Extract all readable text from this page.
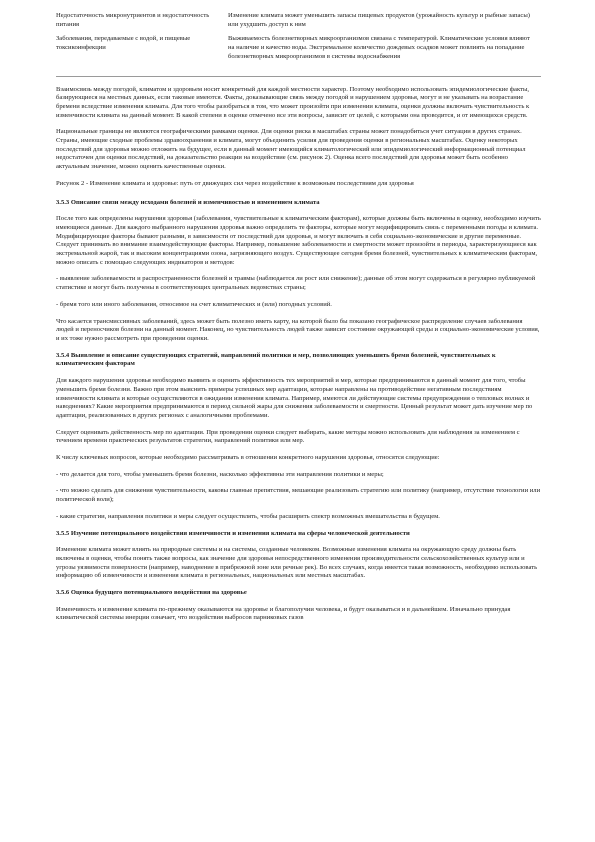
Недостаточность микронутриентов и недостаточность питания	Изменение климата может уменьшить запасы пищевых продуктов (урожайность культур и рыбные запасы) или ухудшить доступ к ним
Заболевания, передаваемые с водой, и пищевые токсикоинфекции	Выживаемость болезнетворных микроорганизмов связана с температурой. Климатические условия влияют на наличие и качество воды. Экстремальное количество дождевых осадков может повлиять на попадание болезнетворных микроорганизмов в системы водоснабжения

Взаимосвязь между погодой, климатом и здоровьем носит конкретный для каждой местности характер. Поэтому необходимо использовать эпидемиологические факты, базирующиеся на местных данных, если таковые имеются. Факты, доказывающие связь между погодой и нарушением здоровья, могут и не указывать на возрастание бремени вследствие изменения климата. Для того чтобы разобраться в том, что может произойти при изменении климата, оценки должны включать чувствительность к изменчивости климата на данный момент. В какой степени в оценке отмечено все эти вопросы, зависит от целей, с которыми она проводится, и от имеющихся средств.

Национальные границы не являются географическими рамками оценки. Для оценки риска в масштабах страны может понадобиться учет ситуации в других странах. Страны, имеющие сходные проблемы здравоохранения и климата, могут объединить усилия для проведения оценки в региональных масштабах. Оценку некоторых последствий для здоровья можно отложить на будущее, если в данный момент имеющийся климатологический или эпидемиологический информационный потенциал недостаточен для оценки последствий, на доказательство реакции на воздействие (см. рисунок 2). Оценка всего последствий для здоровья может быть особенно актуальным значение, можно оценить качественные оценки.

Рисунок 2 - Изменение климата и здоровье: путь от движущих сил через воздействие к возможным последствиям для здоровья

3.5.3 Описание связи между исходами болезней и изменчивостью и изменением климата

После того как определены нарушения здоровья (заболевания, чувствительные к климатическим факторам), которые должны быть включены в оценку, необходимо изучить имеющиеся данные. Для каждого выбранного нарушения здоровья важно определить те факторы, которые могут модифицировать связь с переменными погоды и климата. Модифицирующие факторы бывают разными, в зависимости от последствий для здоровья, и могут включать в себя социально-экономические и другие переменные. Следует принимать во внимание взаимодействующие факторы. Например, повышение заболеваемости и смертности может произойти в периоды, характеризующиеся как экстремальной жарой, так и высоким концентрациями озона, загрязняющего воздух. Существующее сегодня бремя болезней, чувствительных к климатическим факторам, можно описать с помощью следующих индикаторов и методов:

- выявление заболеваемости и распространенности болезней и травмы (наблюдается ли рост или снижение); данные об этом могут содержаться в регулярно публикуемой статистике и могут быть получены в соответствующих центральных ведомствах страны;

- бремя того или иного заболевания, относимое на счет климатических и (или) погодных условий.

Что касается трансмиссивных заболеваний, здесь может быть полезно иметь карту, на которой было бы показано географическое распределение случаев заболевания людей и переносчиков болезни на данный момент. Наконец, но чувствительность людей также зависит состояние окружающей среды и социально-экономические условия, и их тоже нужно рассмотреть при проведении оценки.

3.5.4 Выявление и описание существующих стратегий, направлений политики и мер, позволяющих уменьшить бремя болезней, чувствительных к климатическим факторам

Для каждого нарушения здоровья необходимо выявить и оценить эффективность тех мероприятий и мер, которые предпринимаются в данный момент для того, чтобы уменьшить бремя болезни. Важно при этом выяснить примеры успешных мер адаптации, которые направлены на противодействие негативным последствиям изменчивости климата и которые осуществляются в ожидании изменения климата. Например, имеются ли действующие системы предупреждения о тепловых волнах и наводнениях? Какие мероприятия предпринимаются в период сильной жары для снижения заболеваемости и смертности. Ценный результат может дать изучение мер по адаптации, реализованных в других регионах с аналогичными проблемами.

Следует оценивать действенность мер по адаптации. При проведении оценки следует выбирать, какие методы можно использовать для наблюдения за изменением с течением времени практических результатов стратегии, направлений политики или мер.

К числу ключевых вопросов, которые необходимо рассматривать в отношении конкретного нарушения здоровья, относятся следующие:

- что делается для того, чтобы уменьшить бремя болезни, насколько эффективны эти направления политики и меры;

- что можно сделать для снижения чувствительности, каковы главные препятствия, мешающие реализовать стратегию или политику (например, отсутствие технологии или политической воли);

- какие стратегии, направления политики и меры следует осуществлять, чтобы расширить спектр возможных вмешательства в будущем.

3.5.5 Изучение потенциального воздействия изменчивости и изменения климата на сферы человеческой деятельности

Изменение климата может влиять на природные системы и на системы, созданные человеком. Возможные изменения климата на окружающую среду должны быть включены в оценки, чтобы понять также вопросы, как значение для здоровья непосредственного изменения производительности сельскохозяйственных культур или и угрозы уязвимости поверхности (например, наводнение в прибрежной зоне или речные рек). Во всех случаях, когда имеется такая возможность, необходимо использовать информацию об изменчивости и изменения климата в региональных, национальных или местных масштабах.

3.5.6 Оценка будущего потенциального воздействия на здоровье

Изменчивость и изменение климата по-прежнему оказываются на здоровье и благополучии человека, и будут оказываться и в дальнейшем. Изначально принудая климатической системы инерции означает, что воздействия выбросов парниковых газов
